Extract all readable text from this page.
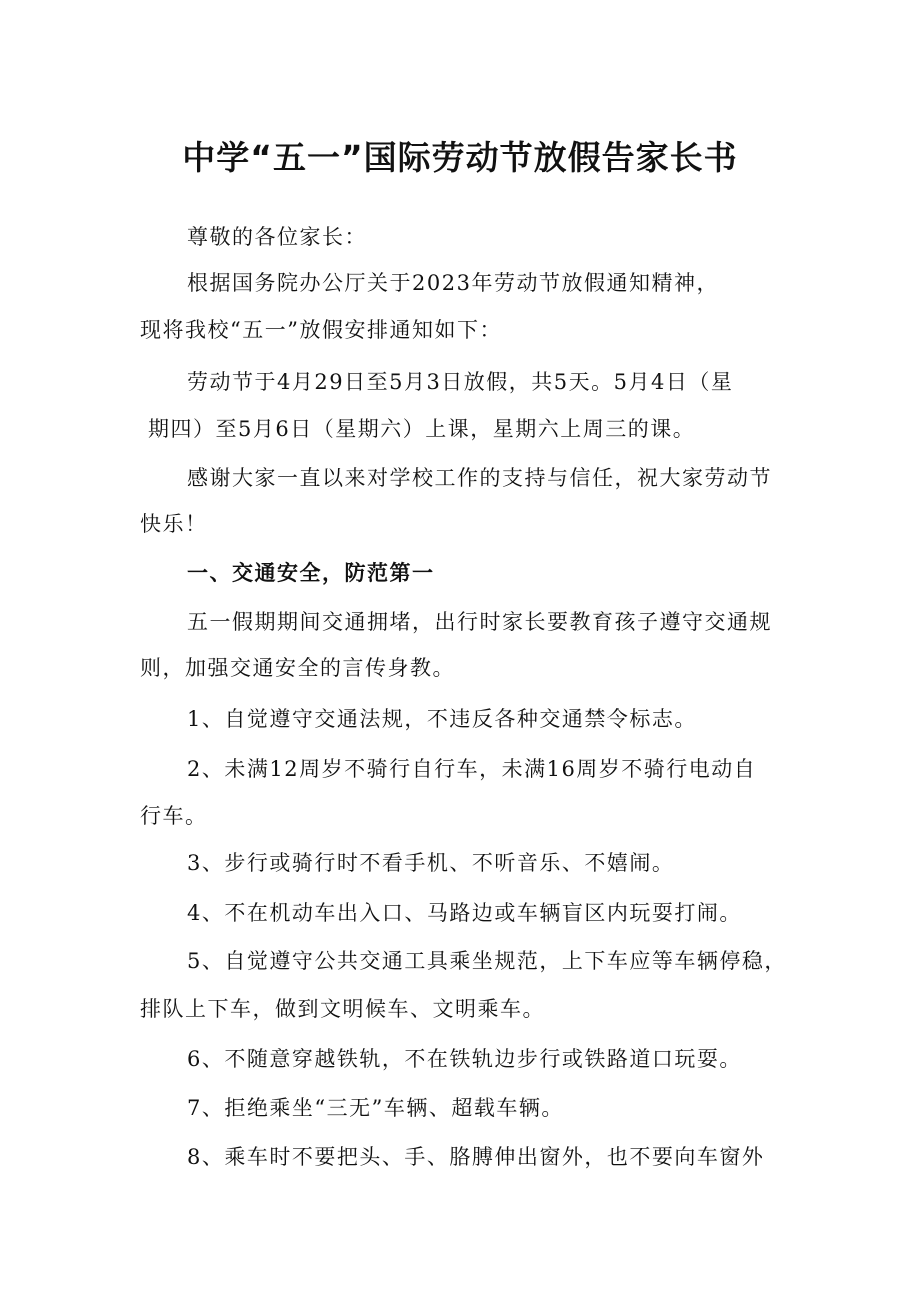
中学“五一”国际劳动节放假告家长书
尊敬的各位家长：
根据国务院办公厅关于2023年劳动节放假通知精神，
现将我校“五一”放假安排通知如下：
劳动节于4月29日至5月3日放假，共5天。5月4日（星
期四）至5月6日（星期六）上课，星期六上周三的课。
感谢大家一直以来对学校工作的支持与信任，祝大家劳动节
快乐！
一、交通安全，防范第一
五一假期期间交通拥堵，出行时家长要教育孩子遵守交通规
则，加强交通安全的言传身教。
1、自觉遵守交通法规，不违反各种交通禁令标志。
2、未满12周岁不骑行自行车，未满16周岁不骑行电动自
行车。
3、步行或骑行时不看手机、不听音乐、不嬉闹。
4、不在机动车出入口、马路边或车辆盲区内玩耍打闹。
5、自觉遵守公共交通工具乘坐规范，上下车应等车辆停稳，
排队上下车，做到文明候车、文明乘车。
6、不随意穿越铁轨，不在铁轨边步行或铁路道口玩耍。
7、拒绝乘坐“三无”车辆、超载车辆。
8、乘车时不要把头、手、胳膊伸出窗外，也不要向车窗外
